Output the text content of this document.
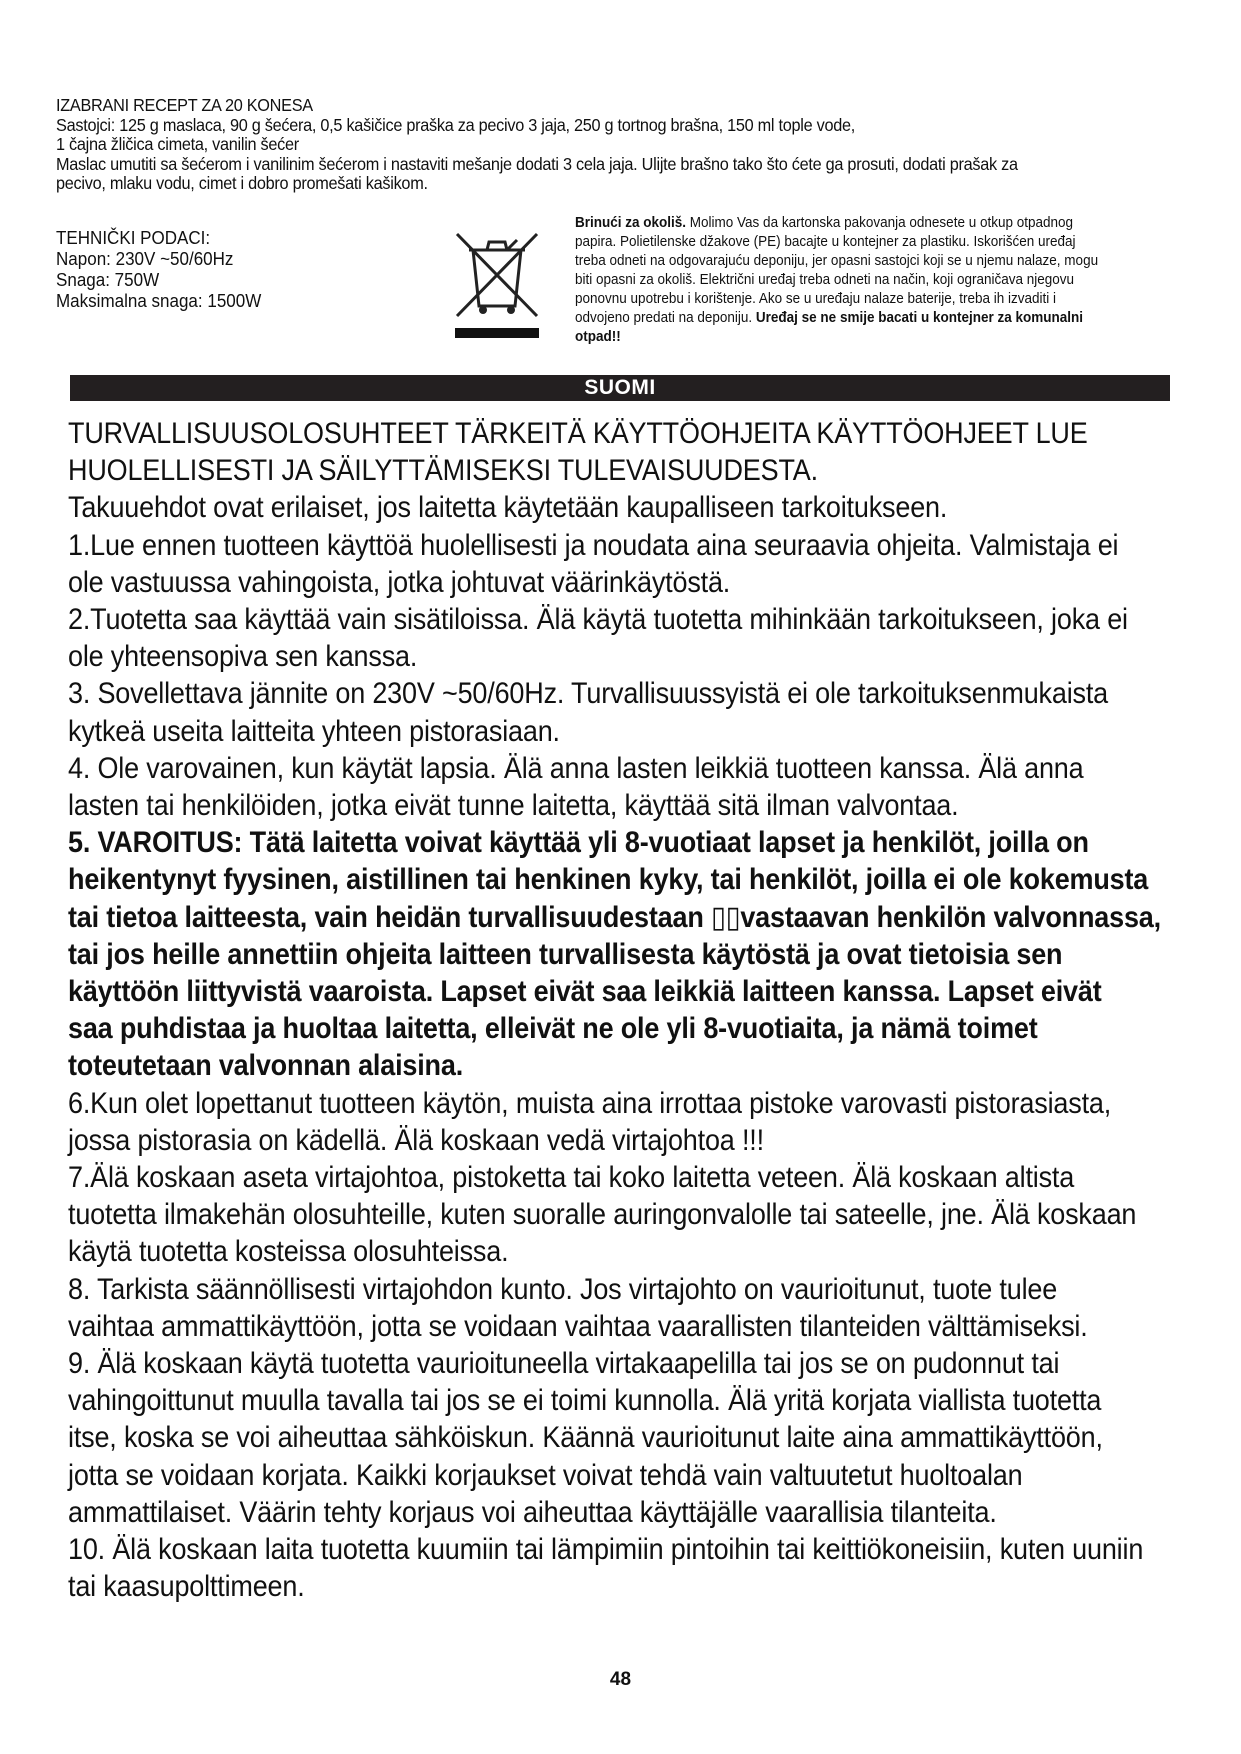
IZABRANI RECEPT ZA 20 KONESA
Sastojci: 125 g maslaca, 90 g šećera, 0,5 kašičice praška za pecivo 3 jaja, 250 g tortnog brašna, 150 ml tople vode,
1 čajna žličica cimeta, vanilin šećer
Maslac umutiti sa šećerom i vanilinim šećerom i nastaviti mešanje dodati 3 cela jaja. Ulijte brašno tako što ćete ga prosuti, dodati prašak za
pecivo, mlaku vodu, cimet i dobro promešati kašikom.
TEHNIČKI PODACI:
Napon: 230V ~50/60Hz
Snaga: 750W
Maksimalna snaga: 1500W
Brinući za okoliš. Molimo Vas da kartonska pakovanja odnesete u otkup otpadnog
papira. Polietilenske džakove (PE) bacajte u kontejner za plastiku. Iskorišćen uređaj
treba odneti na odgovarajuću deponiju, jer opasni sastojci koji se u njemu nalaze, mogu
biti opasni za okoliš. Električni uređaj treba odneti na način, koji ograničava njegovu
ponovnu upotrebu i korištenje. Ako se u uređaju nalaze baterije, treba ih izvaditi i
odvojeno predati na deponiju. Uređaj se ne smije bacati u kontejner za komunalni
otpad!!
SUOMI
TURVALLISUUSOLOSUHTEET TÄRKEITÄ KÄYTTÖOHJEITA KÄYTTÖOHJEET LUE
HUOLELLISESTI JA SÄILYTTÄMISEKSI TULEVAISUUDESTA.
Takuuehdot ovat erilaiset, jos laitetta käytetään kaupalliseen tarkoitukseen.
1.Lue ennen tuotteen käyttöä huolellisesti ja noudata aina seuraavia ohjeita. Valmistaja ei
ole vastuussa vahingoista, jotka johtuvat väärinkäytöstä.
2.Tuotetta saa käyttää vain sisätiloissa. Älä käytä tuotetta mihinkään tarkoitukseen, joka ei
ole yhteensopiva sen kanssa.
3. Sovellettava jännite on 230V ~50/60Hz. Turvallisuussyistä ei ole tarkoituksenmukaista
kytkeä useita laitteita yhteen pistorasiaan.
4. Ole varovainen, kun käytät lapsia. Älä anna lasten leikkiä tuotteen kanssa. Älä anna
lasten tai henkilöiden, jotka eivät tunne laitetta, käyttää sitä ilman valvontaa.
5. VAROITUS: Tätä laitetta voivat käyttää yli 8-vuotiaat lapset ja henkilöt, joilla on
heikentynyt fyysinen, aistillinen tai henkinen kyky, tai henkilöt, joilla ei ole kokemusta
tai tietoa laitteesta, vain heidän turvallisuudestaan ▯▯vastaavan henkilön valvonnassa,
tai jos heille annettiin ohjeita laitteen turvallisesta käytöstä ja ovat tietoisia sen
käyttöön liittyvistä vaaroista. Lapset eivät saa leikkiä laitteen kanssa. Lapset eivät
saa puhdistaa ja huoltaa laitetta, elleivät ne ole yli 8-vuotiaita, ja nämä toimet
toteutetaan valvonnan alaisina.
6.Kun olet lopettanut tuotteen käytön, muista aina irrottaa pistoke varovasti pistorasiasta,
jossa pistorasia on kädellä. Älä koskaan vedä virtajohtoa !!!
7.Älä koskaan aseta virtajohtoa, pistoketta tai koko laitetta veteen. Älä koskaan altista
tuotetta ilmakehän olosuhteille, kuten suoralle auringonvalolle tai sateelle, jne. Älä koskaan
käytä tuotetta kosteissa olosuhteissa.
8. Tarkista säännöllisesti virtajohdon kunto. Jos virtajohto on vaurioitunut, tuote tulee
vaihtaa ammattikäyttöön, jotta se voidaan vaihtaa vaarallisten tilanteiden välttämiseksi.
9. Älä koskaan käytä tuotetta vaurioituneella virtakaapelilla tai jos se on pudonnut tai
vahingoittunut muulla tavalla tai jos se ei toimi kunnolla. Älä yritä korjata viallista tuotetta
itse, koska se voi aiheuttaa sähköiskun. Käännä vaurioitunut laite aina ammattikäyttöön,
jotta se voidaan korjata. Kaikki korjaukset voivat tehdä vain valtuutetut huoltoalan
ammattilaiset. Väärin tehty korjaus voi aiheuttaa käyttäjälle vaarallisia tilanteita.
10. Älä koskaan laita tuotetta kuumiin tai lämpimiin pintoihin tai keittiökoneisiin, kuten uuniin
tai kaasupolttimeen.
48
